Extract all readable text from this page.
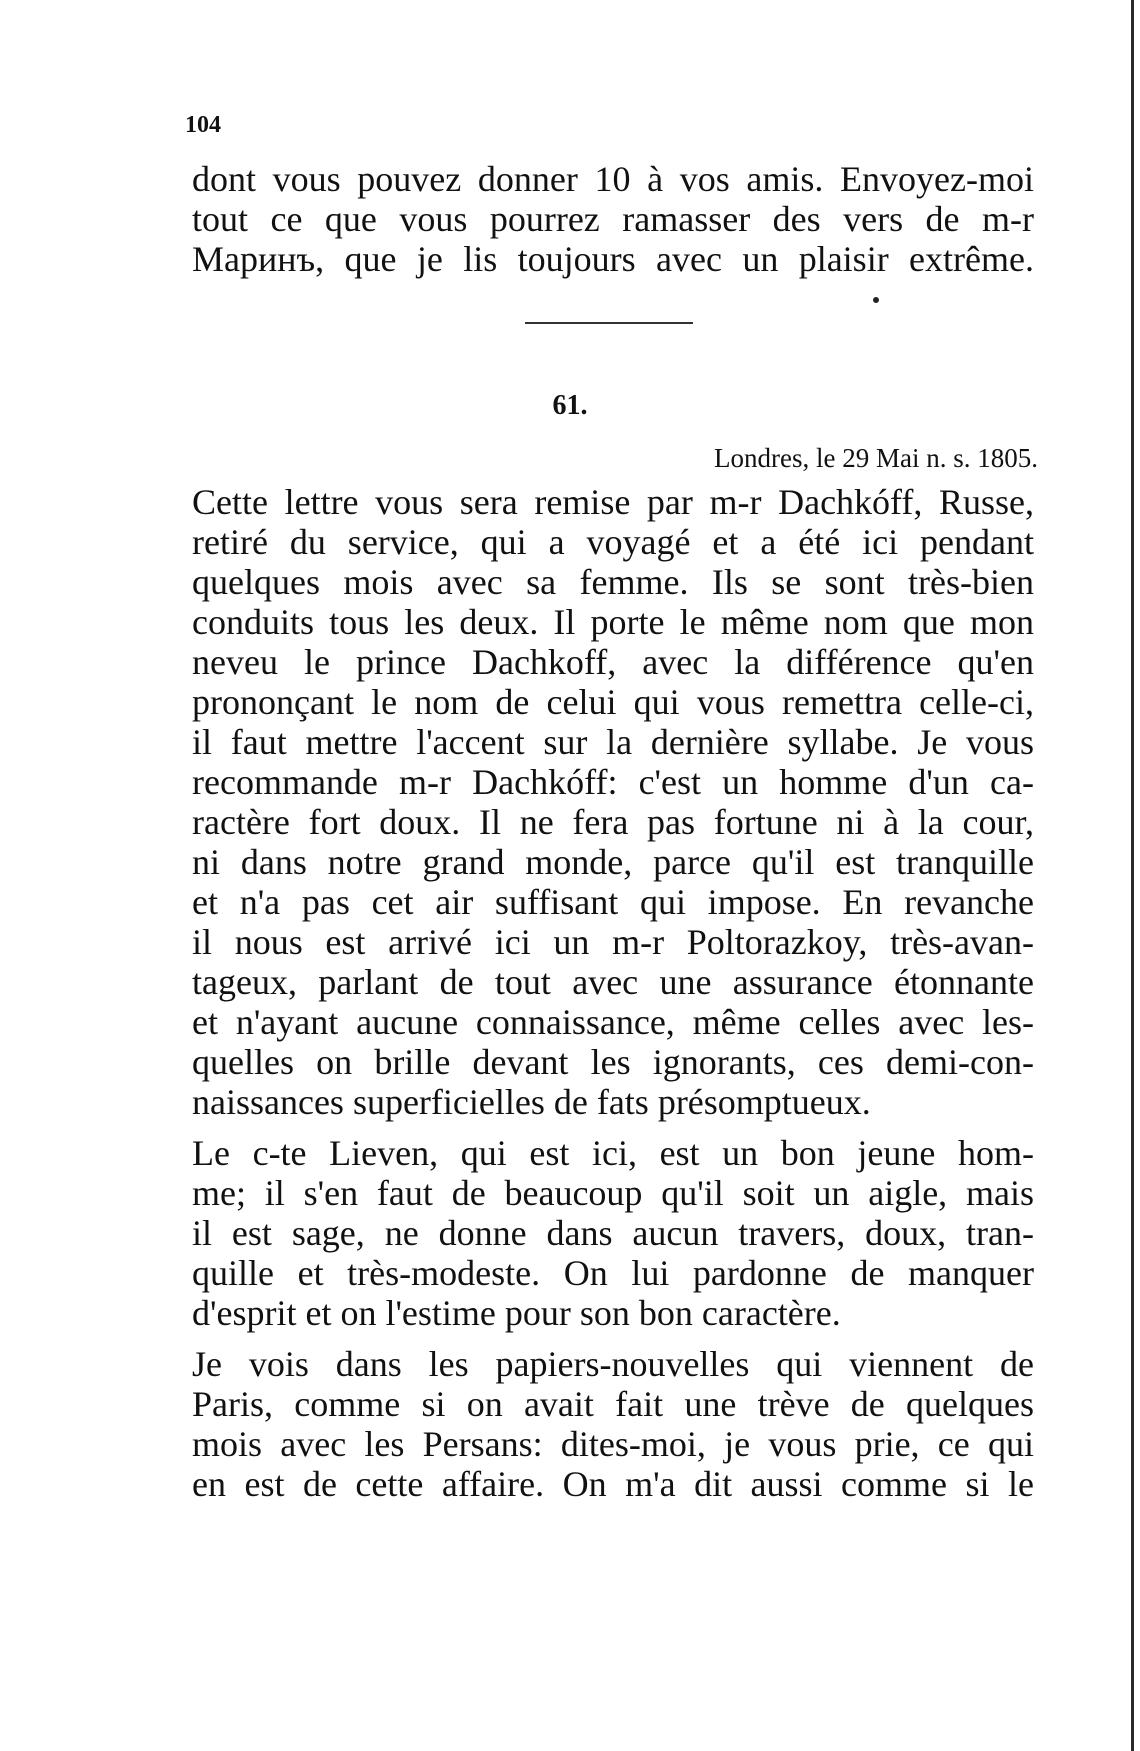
104
dont vous pouvez donner 10 à vos amis. Envoyez-moi
tout ce que vous pourrez ramasser des vers de m-r
Маринъ, que je lis toujours avec un plaisir extrême.
61.
Londres, le 29 Mai n. s. 1805.
Cette lettre vous sera remise par m-r Dachkóff, Russe,
retiré du service, qui a voyagé et a été ici pendant
quelques mois avec sa femme. Ils se sont très-bien
conduits tous les deux. Il porte le même nom que mon
neveu le prince Dachkoff, avec la différence qu'en
prononçant le nom de celui qui vous remettra celle-ci,
il faut mettre l'accent sur la dernière syllabe. Je vous
recommande m-r Dachkóff: c'est un homme d'un ca-
ractère fort doux. Il ne fera pas fortune ni à la cour,
ni dans notre grand monde, parce qu'il est tranquille
et n'a pas cet air suffisant qui impose. En revanche
il nous est arrivé ici un m-r Poltorazkoy, très-avan-
tageux, parlant de tout avec une assurance étonnante
et n'ayant aucune connaissance, même celles avec les-
quelles on brille devant les ignorants, ces demi-con-
naissances superficielles de fats présomptueux.
Le c-te Lieven, qui est ici, est un bon jeune hom-
me; il s'en faut de beaucoup qu'il soit un aigle, mais
il est sage, ne donne dans aucun travers, doux, tran-
quille et très-modeste. On lui pardonne de manquer
d'esprit et on l'estime pour son bon caractère.
Je vois dans les papiers-nouvelles qui viennent de
Paris, comme si on avait fait une trève de quelques
mois avec les Persans: dites-moi, je vous prie, ce qui
en est de cette affaire. On m'a dit aussi comme si le
